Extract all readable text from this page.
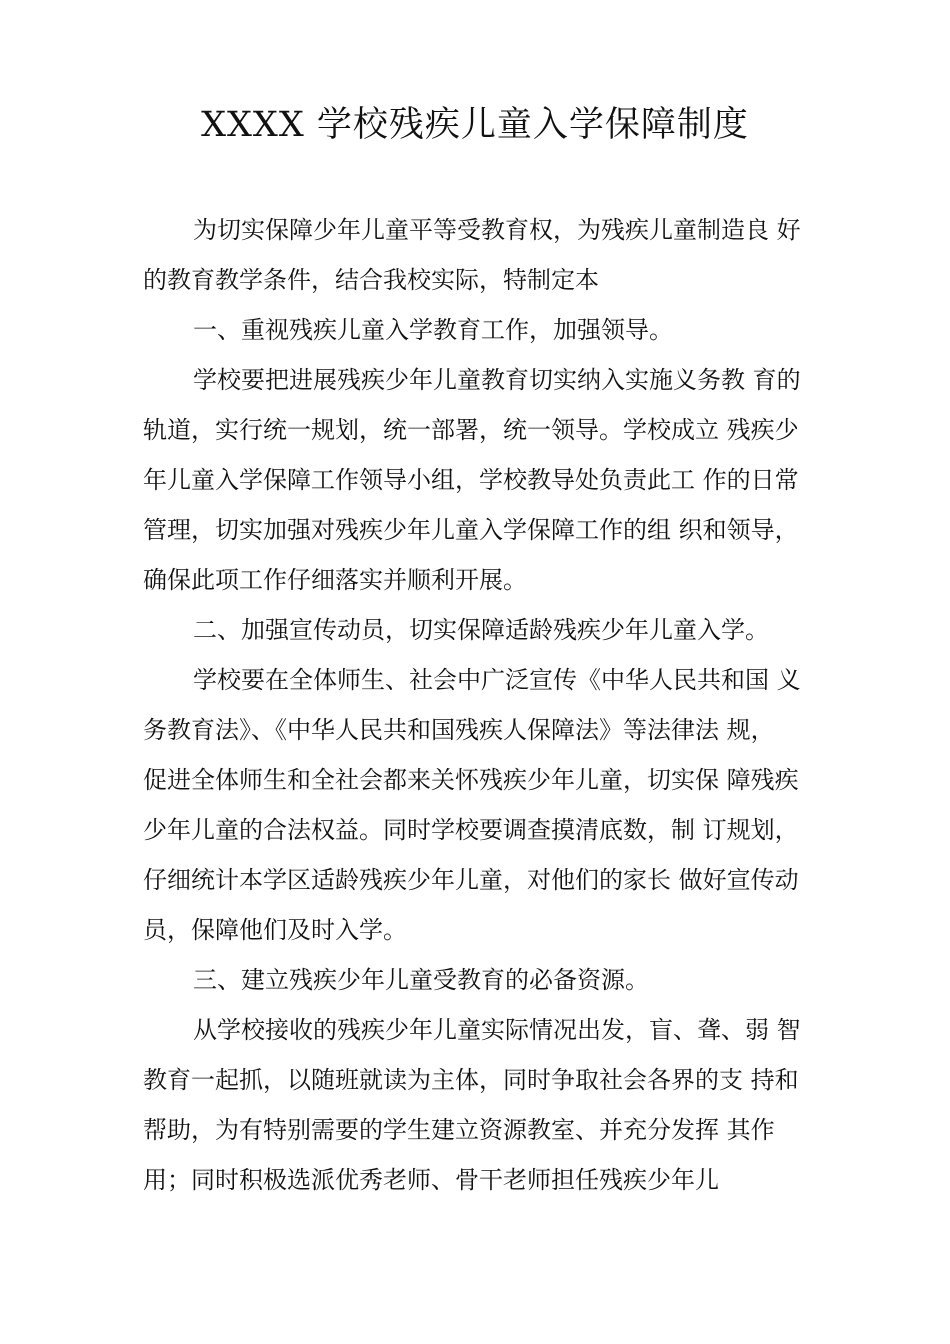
XXXX 学校残疾儿童入学保障制度
为切实保障少年儿童平等受教育权，为残疾儿童制造良 好
的教育教学条件，结合我校实际，特制定本
一、重视残疾儿童入学教育工作，加强领导。
学校要把进展残疾少年儿童教育切实纳入实施义务教 育的
轨道，实行统一规划，统一部署，统一领导。学校成立 残疾少
年儿童入学保障工作领导小组，学校教导处负责此工 作的日常
管理，切实加强对残疾少年儿童入学保障工作的组 织和领导，
确保此项工作仔细落实并顺利开展。
二、加强宣传动员，切实保障适龄残疾少年儿童入学。
学校要在全体师生、社会中广泛宣传《中华人民共和国 义
务教育法》、《中华人民共和国残疾人保障法》等法律法 规，
促进全体师生和全社会都来关怀残疾少年儿童，切实保 障残疾
少年儿童的合法权益。同时学校要调查摸清底数，制 订规划，
仔细统计本学区适龄残疾少年儿童，对他们的家长 做好宣传动
员，保障他们及时入学。
三、建立残疾少年儿童受教育的必备资源。
从学校接收的残疾少年儿童实际情况出发，盲、聋、弱 智
教育一起抓，以随班就读为主体，同时争取社会各界的支 持和
帮助，为有特别需要的学生建立资源教室、并充分发挥 其作
用；同时积极选派优秀老师、骨干老师担任残疾少年儿
